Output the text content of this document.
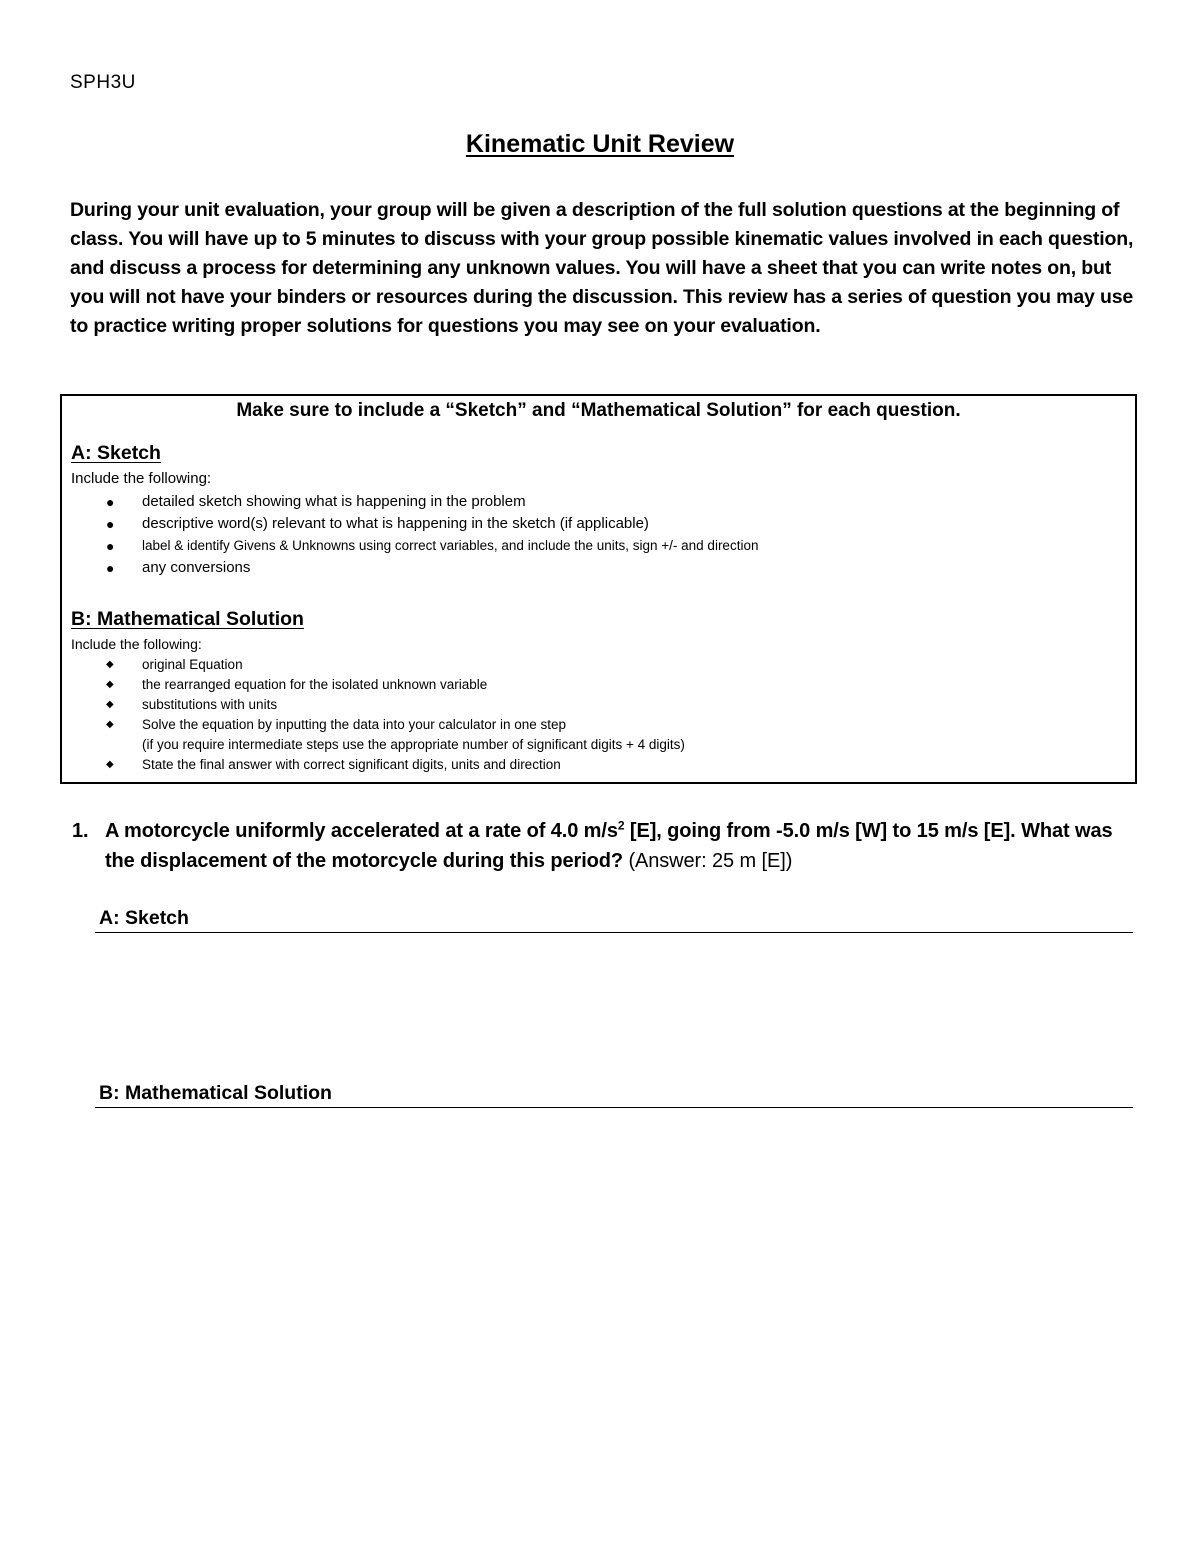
SPH3U
Kinematic Unit Review
During your unit evaluation, your group will be given a description of the full solution questions at the beginning of class. You will have up to 5 minutes to discuss with your group possible kinematic values involved in each question, and discuss a process for determining any unknown values. You will have a sheet that you can write notes on, but you will not have your binders or resources during the discussion. This review has a series of question you may use to practice writing proper solutions for questions you may see on your evaluation.
Make sure to include a “Sketch” and “Mathematical Solution” for each question.
A: Sketch
Include the following:
● detailed sketch showing what is happening in the problem
● descriptive word(s) relevant to what is happening in the sketch (if applicable)
● label & identify Givens & Unknowns using correct variables, and include the units, sign +/- and direction
● any conversions
B: Mathematical Solution
Include the following:
◆ original Equation
◆ the rearranged equation for the isolated unknown variable
◆ substitutions with units
◆ Solve the equation by inputting the data into your calculator in one step
(if you require intermediate steps use the appropriate number of significant digits + 4 digits)
◆ State the final answer with correct significant digits, units and direction
1. A motorcycle uniformly accelerated at a rate of 4.0 $m/s^2$ [E], going from -5.0 m/s [W] to 15 m/s [E]. What was the displacement of the motorcycle during this period? (Answer: 25 m [E])
A: Sketch
B: Mathematical Solution
